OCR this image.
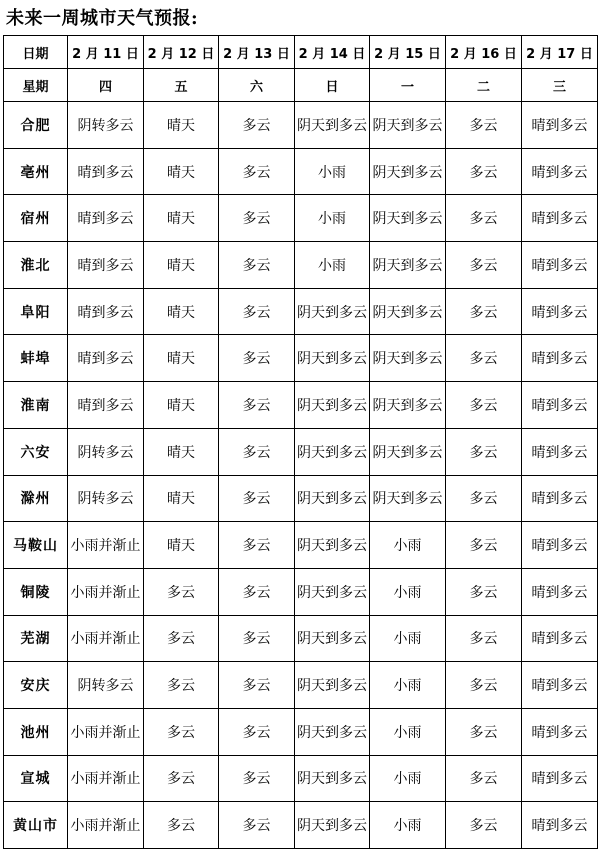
未来一周城市天气预报:
日期	2 月 11 日	2 月 12 日	2 月 13 日	2 月 14 日	2 月 15 日	2 月 16 日	2 月 17 日
星期	四	五	六	日	一	二	三
合肥	阴转多云	晴天	多云	阴天到多云	阴天到多云	多云	晴到多云
亳州	晴到多云	晴天	多云	小雨	阴天到多云	多云	晴到多云
宿州	晴到多云	晴天	多云	小雨	阴天到多云	多云	晴到多云
淮北	晴到多云	晴天	多云	小雨	阴天到多云	多云	晴到多云
阜阳	晴到多云	晴天	多云	阴天到多云	阴天到多云	多云	晴到多云
蚌埠	晴到多云	晴天	多云	阴天到多云	阴天到多云	多云	晴到多云
淮南	晴到多云	晴天	多云	阴天到多云	阴天到多云	多云	晴到多云
六安	阴转多云	晴天	多云	阴天到多云	阴天到多云	多云	晴到多云
滁州	阴转多云	晴天	多云	阴天到多云	阴天到多云	多云	晴到多云
马鞍山	小雨并渐止	晴天	多云	阴天到多云	小雨	多云	晴到多云
铜陵	小雨并渐止	多云	多云	阴天到多云	小雨	多云	晴到多云
芜湖	小雨并渐止	多云	多云	阴天到多云	小雨	多云	晴到多云
安庆	阴转多云	多云	多云	阴天到多云	小雨	多云	晴到多云
池州	小雨并渐止	多云	多云	阴天到多云	小雨	多云	晴到多云
宣城	小雨并渐止	多云	多云	阴天到多云	小雨	多云	晴到多云
黄山市	小雨并渐止	多云	多云	阴天到多云	小雨	多云	晴到多云
